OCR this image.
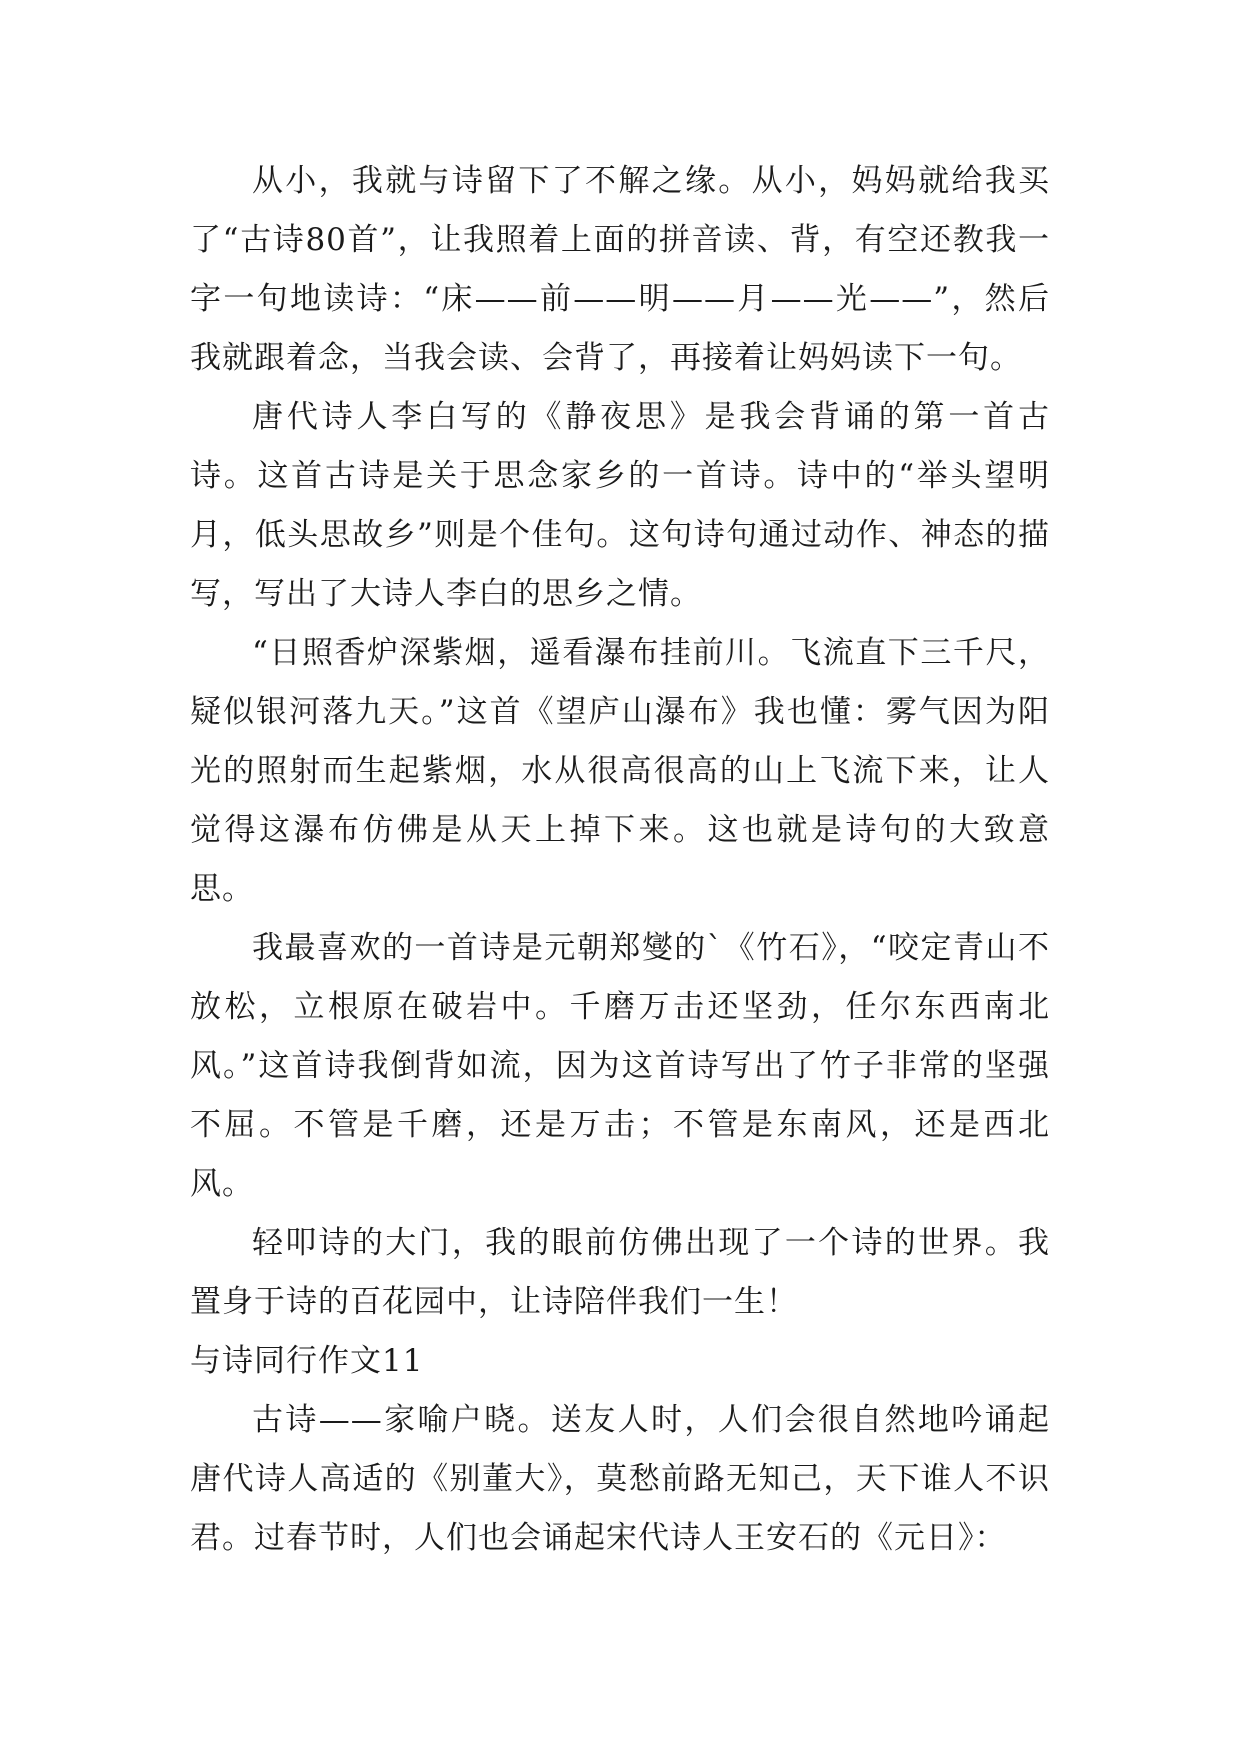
从小，我就与诗留下了不解之缘。从小，妈妈就给我买了“古诗80首”，让我照着上面的拼音读、背，有空还教我一字一句地读诗：“床——前——明——月——光——”，然后我就跟着念，当我会读、会背了，再接着让妈妈读下一句。

唐代诗人李白写的《静夜思》是我会背诵的第一首古诗。这首古诗是关于思念家乡的一首诗。诗中的“举头望明月，低头思故乡”则是个佳句。这句诗句通过动作、神态的描写，写出了大诗人李白的思乡之情。

“日照香炉深紫烟，遥看瀑布挂前川。飞流直下三千尺，疑似银河落九天。”这首《望庐山瀑布》我也懂：雾气因为阳光的照射而生起紫烟，水从很高很高的山上飞流下来，让人觉得这瀑布仿佛是从天上掉下来。这也就是诗句的大致意思。

我最喜欢的一首诗是元朝郑燮的`《竹石》，“咬定青山不放松，立根原在破岩中。千磨万击还坚劲，任尔东西南北风。”这首诗我倒背如流，因为这首诗写出了竹子非常的坚强不屈。不管是千磨，还是万击；不管是东南风，还是西北风。

轻叩诗的大门，我的眼前仿佛出现了一个诗的世界。我置身于诗的百花园中，让诗陪伴我们一生！

与诗同行作文11

古诗——家喻户晓。送友人时，人们会很自然地吟诵起唐代诗人高适的《别董大》，莫愁前路无知己，天下谁人不识君。过春节时，人们也会诵起宋代诗人王安石的《元日》：
